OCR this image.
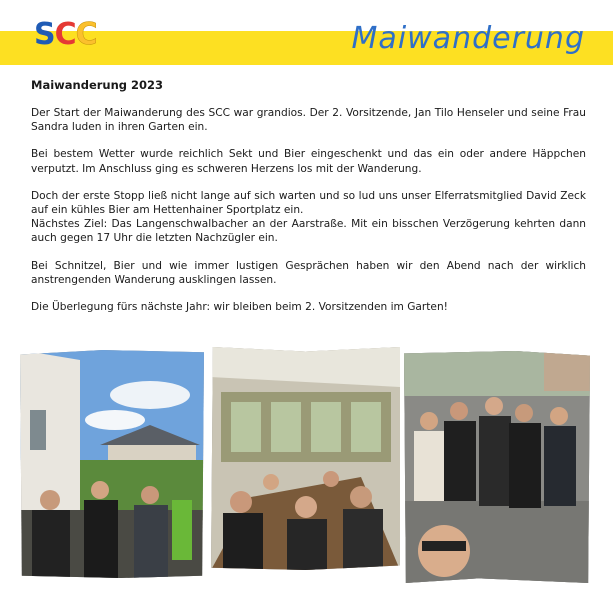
SCC	Maiwanderung
Maiwanderung 2023

Der Start der Maiwanderung des SCC war grandios. Der 2. Vorsitzende, Jan Tilo Henseler und seine Frau Sandra luden in ihren Garten ein.

Bei bestem Wetter wurde reichlich Sekt und Bier eingeschenkt und das ein oder andere Häppchen verputzt. Im Anschluss ging es schweren Herzens los mit der Wanderung.

Doch der erste Stopp ließ nicht lange auf sich warten und so lud uns unser Elferratsmitglied David Zeck auf ein kühles Bier am Hettenhainer Sportplatz ein.

Nächstes Ziel: Das Langenschwalbacher an der Aarstraße. Mit ein bisschen Verzögerung kehrten dann auch gegen 17 Uhr die letzten Nachzügler ein.

Bei Schnitzel, Bier und wie immer lustigen Gesprächen haben wir den Abend nach der wirklich anstrengenden Wanderung ausklingen lassen.

Die Überlegung fürs nächste Jahr: wir bleiben beim 2. Vorsitzenden im Garten!
